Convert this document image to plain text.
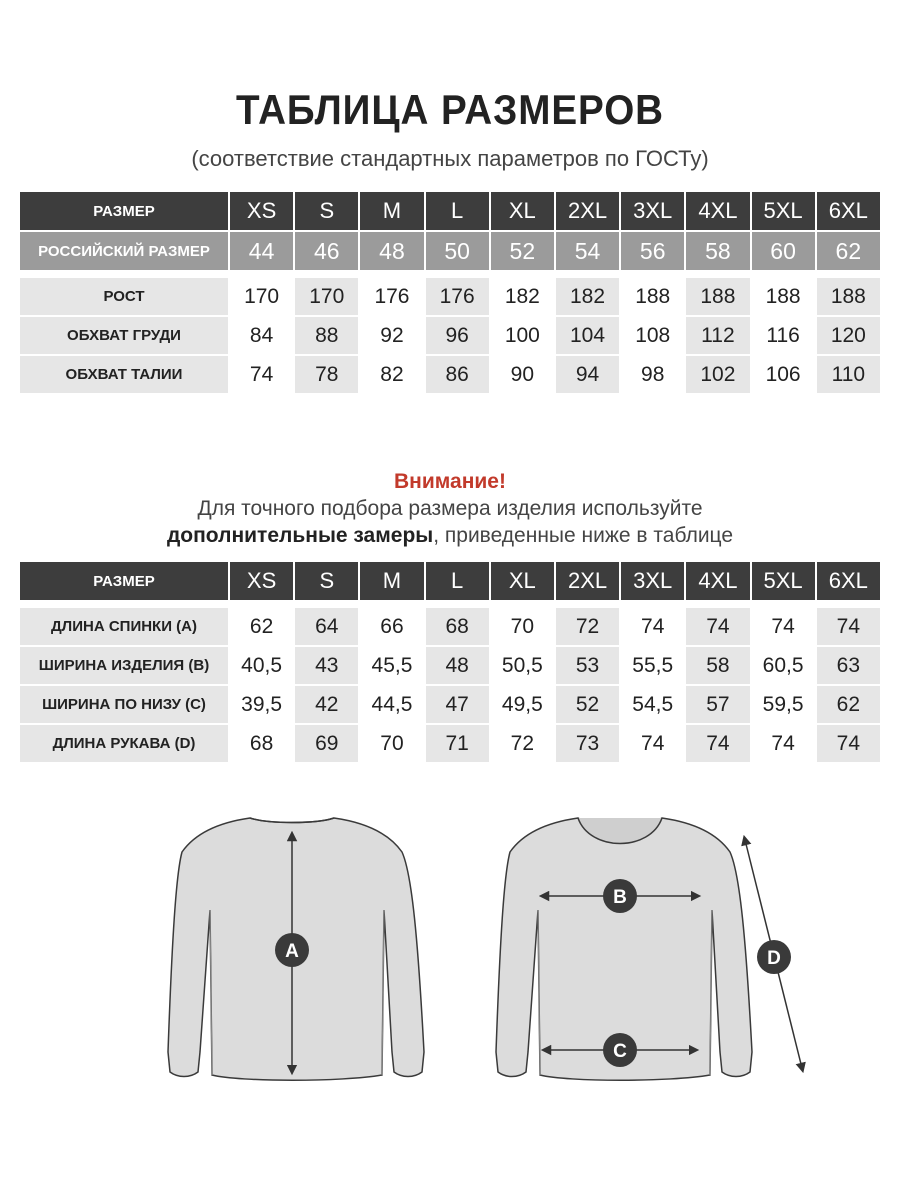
ТАБЛИЦА РАЗМЕРОВ
(соответствие стандартных параметров по ГОСТу)
РАЗМЕР	XS	S	M	L	XL	2XL	3XL	4XL	5XL	6XL
РОССИЙСКИЙ РАЗМЕР	44	46	48	50	52	54	56	58	60	62

РОСТ	170	170	176	176	182	182	188	188	188	188
ОБХВАТ ГРУДИ	84	88	92	96	100	104	108	112	116	120
ОБХВАТ ТАЛИИ	74	78	82	86	90	94	98	102	106	110
Внимание!
Для точного подбора размера изделия используйте
дополнительные замеры, приведенные ниже в таблице
РАЗМЕР	XS	S	M	L	XL	2XL	3XL	4XL	5XL	6XL

ДЛИНА СПИНКИ (A)	62	64	66	68	70	72	74	74	74	74
ШИРИНА ИЗДЕЛИЯ (B)	40,5	43	45,5	48	50,5	53	55,5	58	60,5	63
ШИРИНА ПО НИЗУ (C)	39,5	42	44,5	47	49,5	52	54,5	57	59,5	62
ДЛИНА РУКАВА (D)	68	69	70	71	72	73	74	74	74	74
A
B
C
D
